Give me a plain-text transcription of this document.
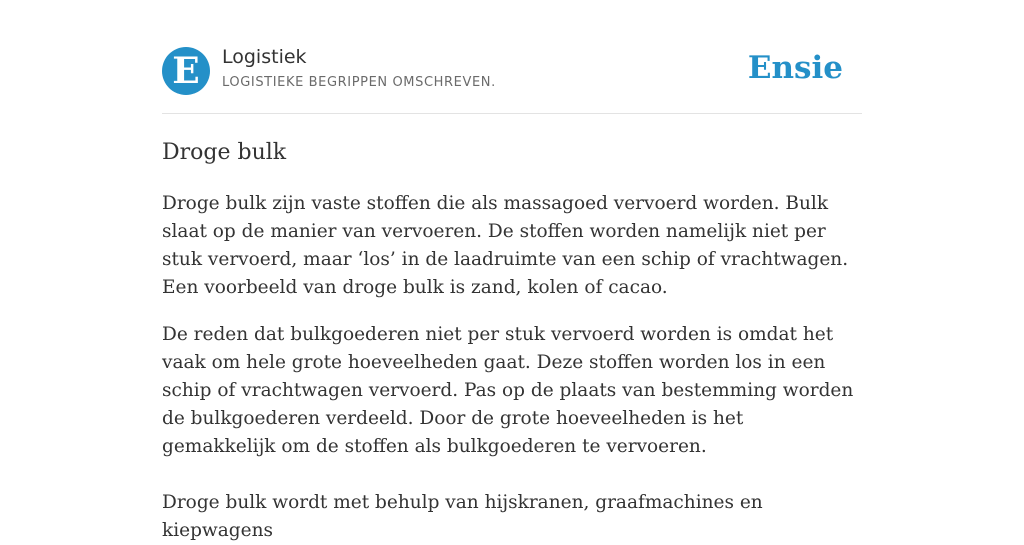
E	Logistiek
LOGISTIEKE BEGRIPPEN OMSCHREVEN.	Ensie
Droge bulk

Droge bulk zijn vaste stoffen die als massagoed vervoerd worden. Bulk slaat op de manier van vervoeren. De stoffen worden namelijk niet per stuk vervoerd, maar ‘los’ in de laadruimte van een schip of vrachtwagen. Een voorbeeld van droge bulk is zand, kolen of cacao.

De reden dat bulkgoederen niet per stuk vervoerd worden is omdat het vaak om hele grote hoeveelheden gaat. Deze stoffen worden los in een schip of vrachtwagen vervoerd. Pas op de plaats van bestemming worden de bulkgoederen verdeeld. Door de grote hoeveelheden is het gemakkelijk om de stoffen als bulkgoederen te vervoeren.

Droge bulk wordt met behulp van hijskranen, graafmachines en kiepwagens
